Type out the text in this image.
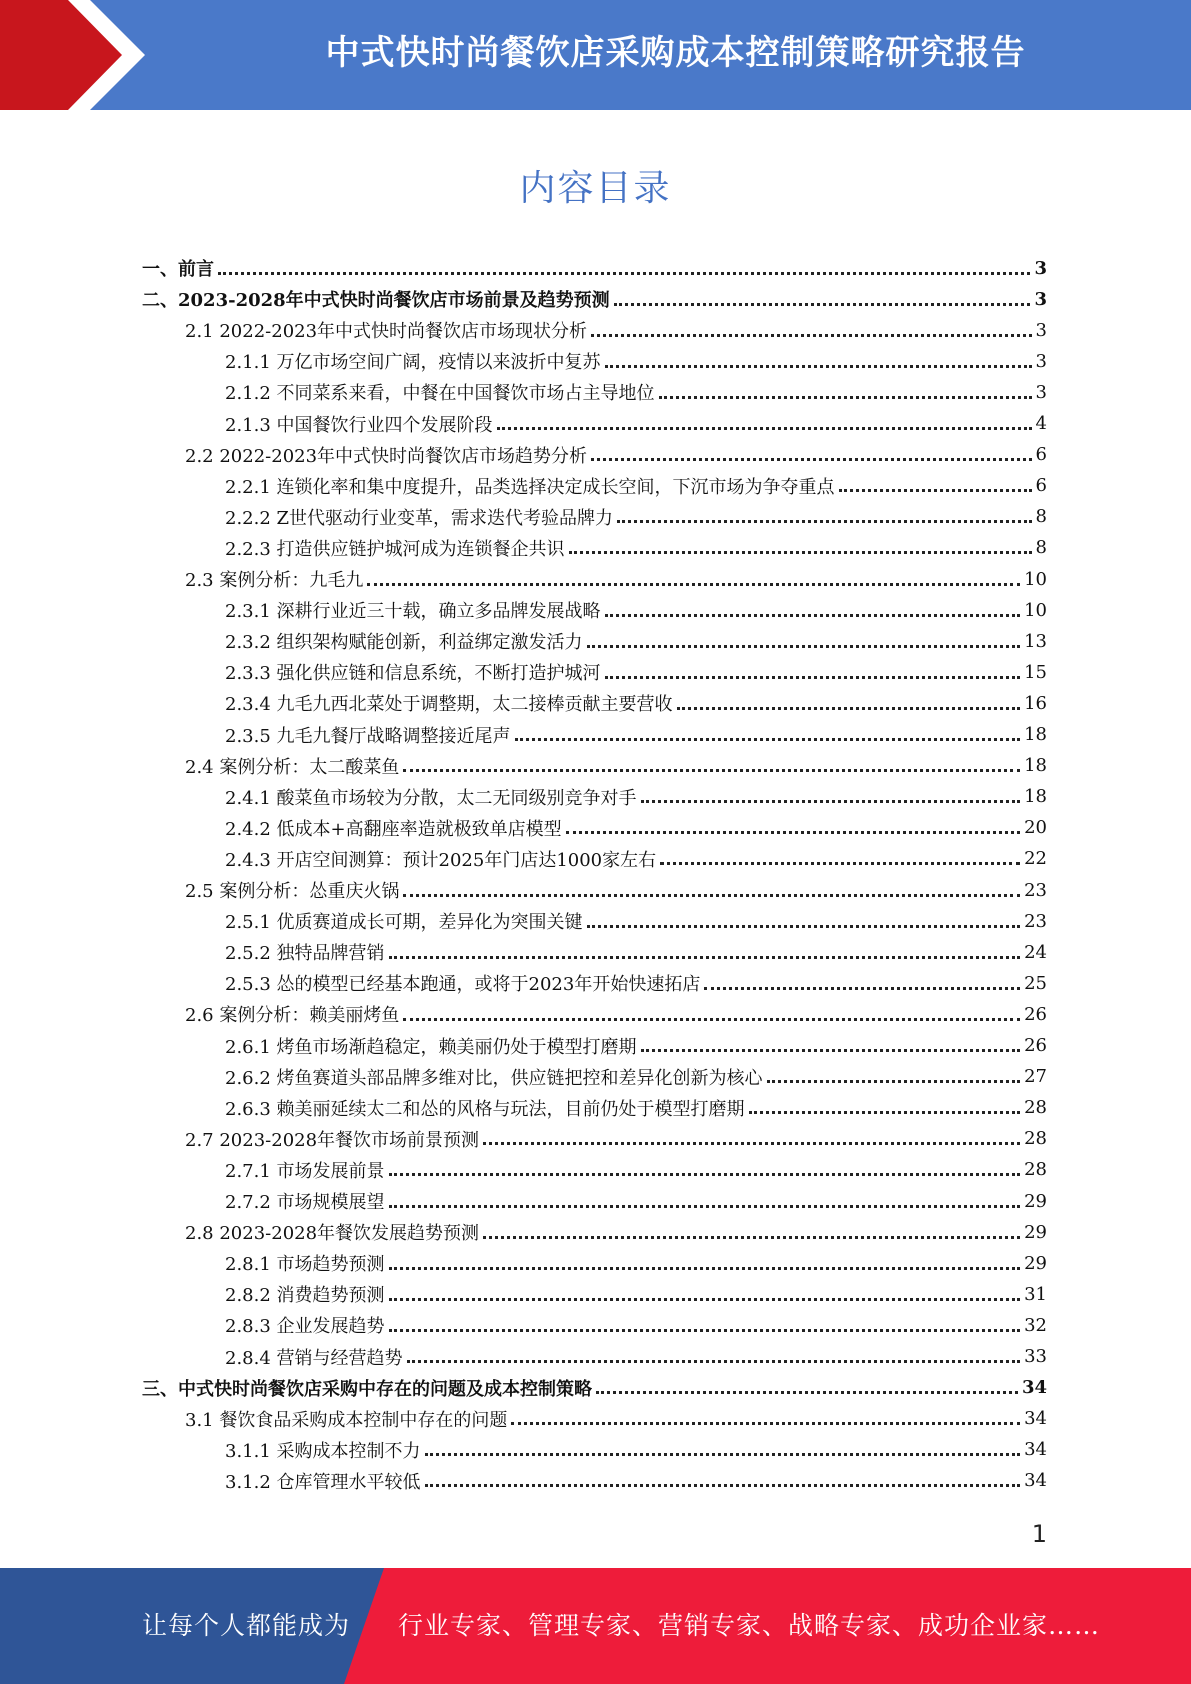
中式快时尚餐饮店采购成本控制策略研究报告
内容目录
一、前言	3
二、2023-2028年中式快时尚餐饮店市场前景及趋势预测	3
2.1 2022-2023年中式快时尚餐饮店市场现状分析	3
2.1.1 万亿市场空间广阔，疫情以来波折中复苏	3
2.1.2 不同菜系来看，中餐在中国餐饮市场占主导地位	3
2.1.3 中国餐饮行业四个发展阶段	4
2.2 2022-2023年中式快时尚餐饮店市场趋势分析	6
2.2.1 连锁化率和集中度提升，品类选择决定成长空间，下沉市场为争夺重点	6
2.2.2 Z世代驱动行业变革，需求迭代考验品牌力	8
2.2.3 打造供应链护城河成为连锁餐企共识	8
2.3 案例分析：九毛九	10
2.3.1 深耕行业近三十载，确立多品牌发展战略	10
2.3.2 组织架构赋能创新，利益绑定激发活力	13
2.3.3 强化供应链和信息系统，不断打造护城河	15
2.3.4 九毛九西北菜处于调整期，太二接棒贡献主要营收	16
2.3.5 九毛九餐厅战略调整接近尾声	18
2.4 案例分析：太二酸菜鱼	18
2.4.1 酸菜鱼市场较为分散，太二无同级别竞争对手	18
2.4.2 低成本+高翻座率造就极致单店模型	20
2.4.3 开店空间测算：预计2025年门店达1000家左右	22
2.5 案例分析：怂重庆火锅	23
2.5.1 优质赛道成长可期，差异化为突围关键	23
2.5.2 独特品牌营销	24
2.5.3 怂的模型已经基本跑通，或将于2023年开始快速拓店	25
2.6 案例分析：赖美丽烤鱼	26
2.6.1 烤鱼市场渐趋稳定，赖美丽仍处于模型打磨期	26
2.6.2 烤鱼赛道头部品牌多维对比，供应链把控和差异化创新为核心	27
2.6.3 赖美丽延续太二和怂的风格与玩法，目前仍处于模型打磨期	28
2.7 2023-2028年餐饮市场前景预测	28
2.7.1 市场发展前景	28
2.7.2 市场规模展望	29
2.8 2023-2028年餐饮发展趋势预测	29
2.8.1 市场趋势预测	29
2.8.2 消费趋势预测	31
2.8.3 企业发展趋势	32
2.8.4 营销与经营趋势	33
三、中式快时尚餐饮店采购中存在的问题及成本控制策略	34
3.1 餐饮食品采购成本控制中存在的问题	34
3.1.1 采购成本控制不力	34
3.1.2 仓库管理水平较低	34
1
让每个人都能成为 行业专家、管理专家、营销专家、战略专家、成功企业家……
